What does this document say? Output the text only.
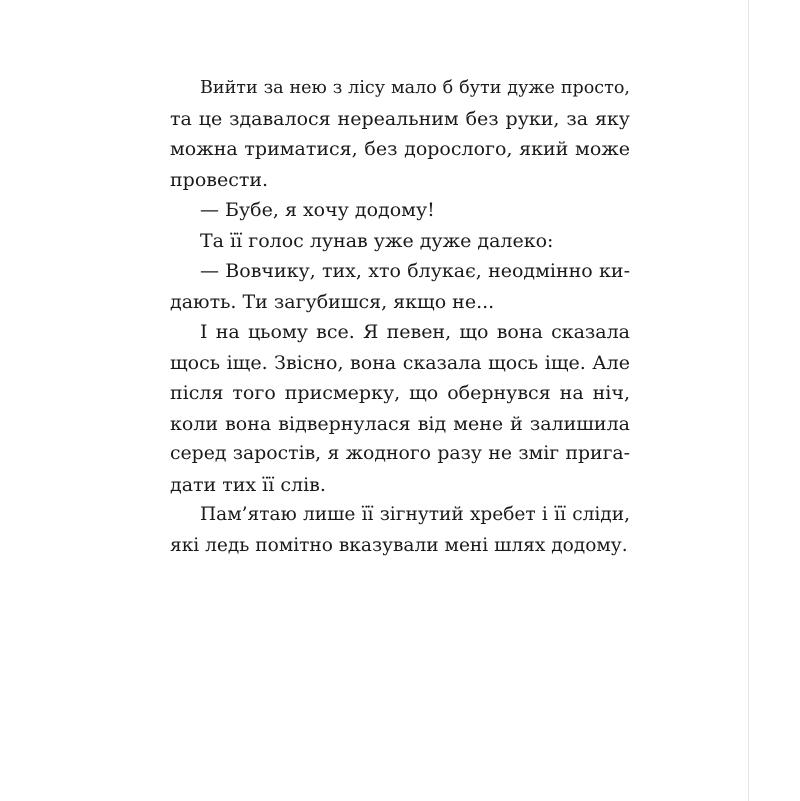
Вийти за нею з лісу мало б бути дуже просто,
та це здавалося нереальним без руки, за яку
можна триматися, без дорослого, який може
провести.
— Бубе, я хочу додому!
Та її голос лунав уже дуже далеко:
— Вовчику, тих, хто блукає, неодмінно ки-
дають. Ти загубишся, якщо не...
І на цьому все. Я певен, що вона сказала
щось іще. Звісно, вона сказала щось іще. Але
після того присмерку, що обернувся на ніч,
коли вона відвернулася від мене й залишила
серед заростів, я жодного разу не зміг прига-
дати тих її слів.
Пам’ятаю лише її зігнутий хребет і її сліди,
які ледь помітно вказували мені шлях додому.
